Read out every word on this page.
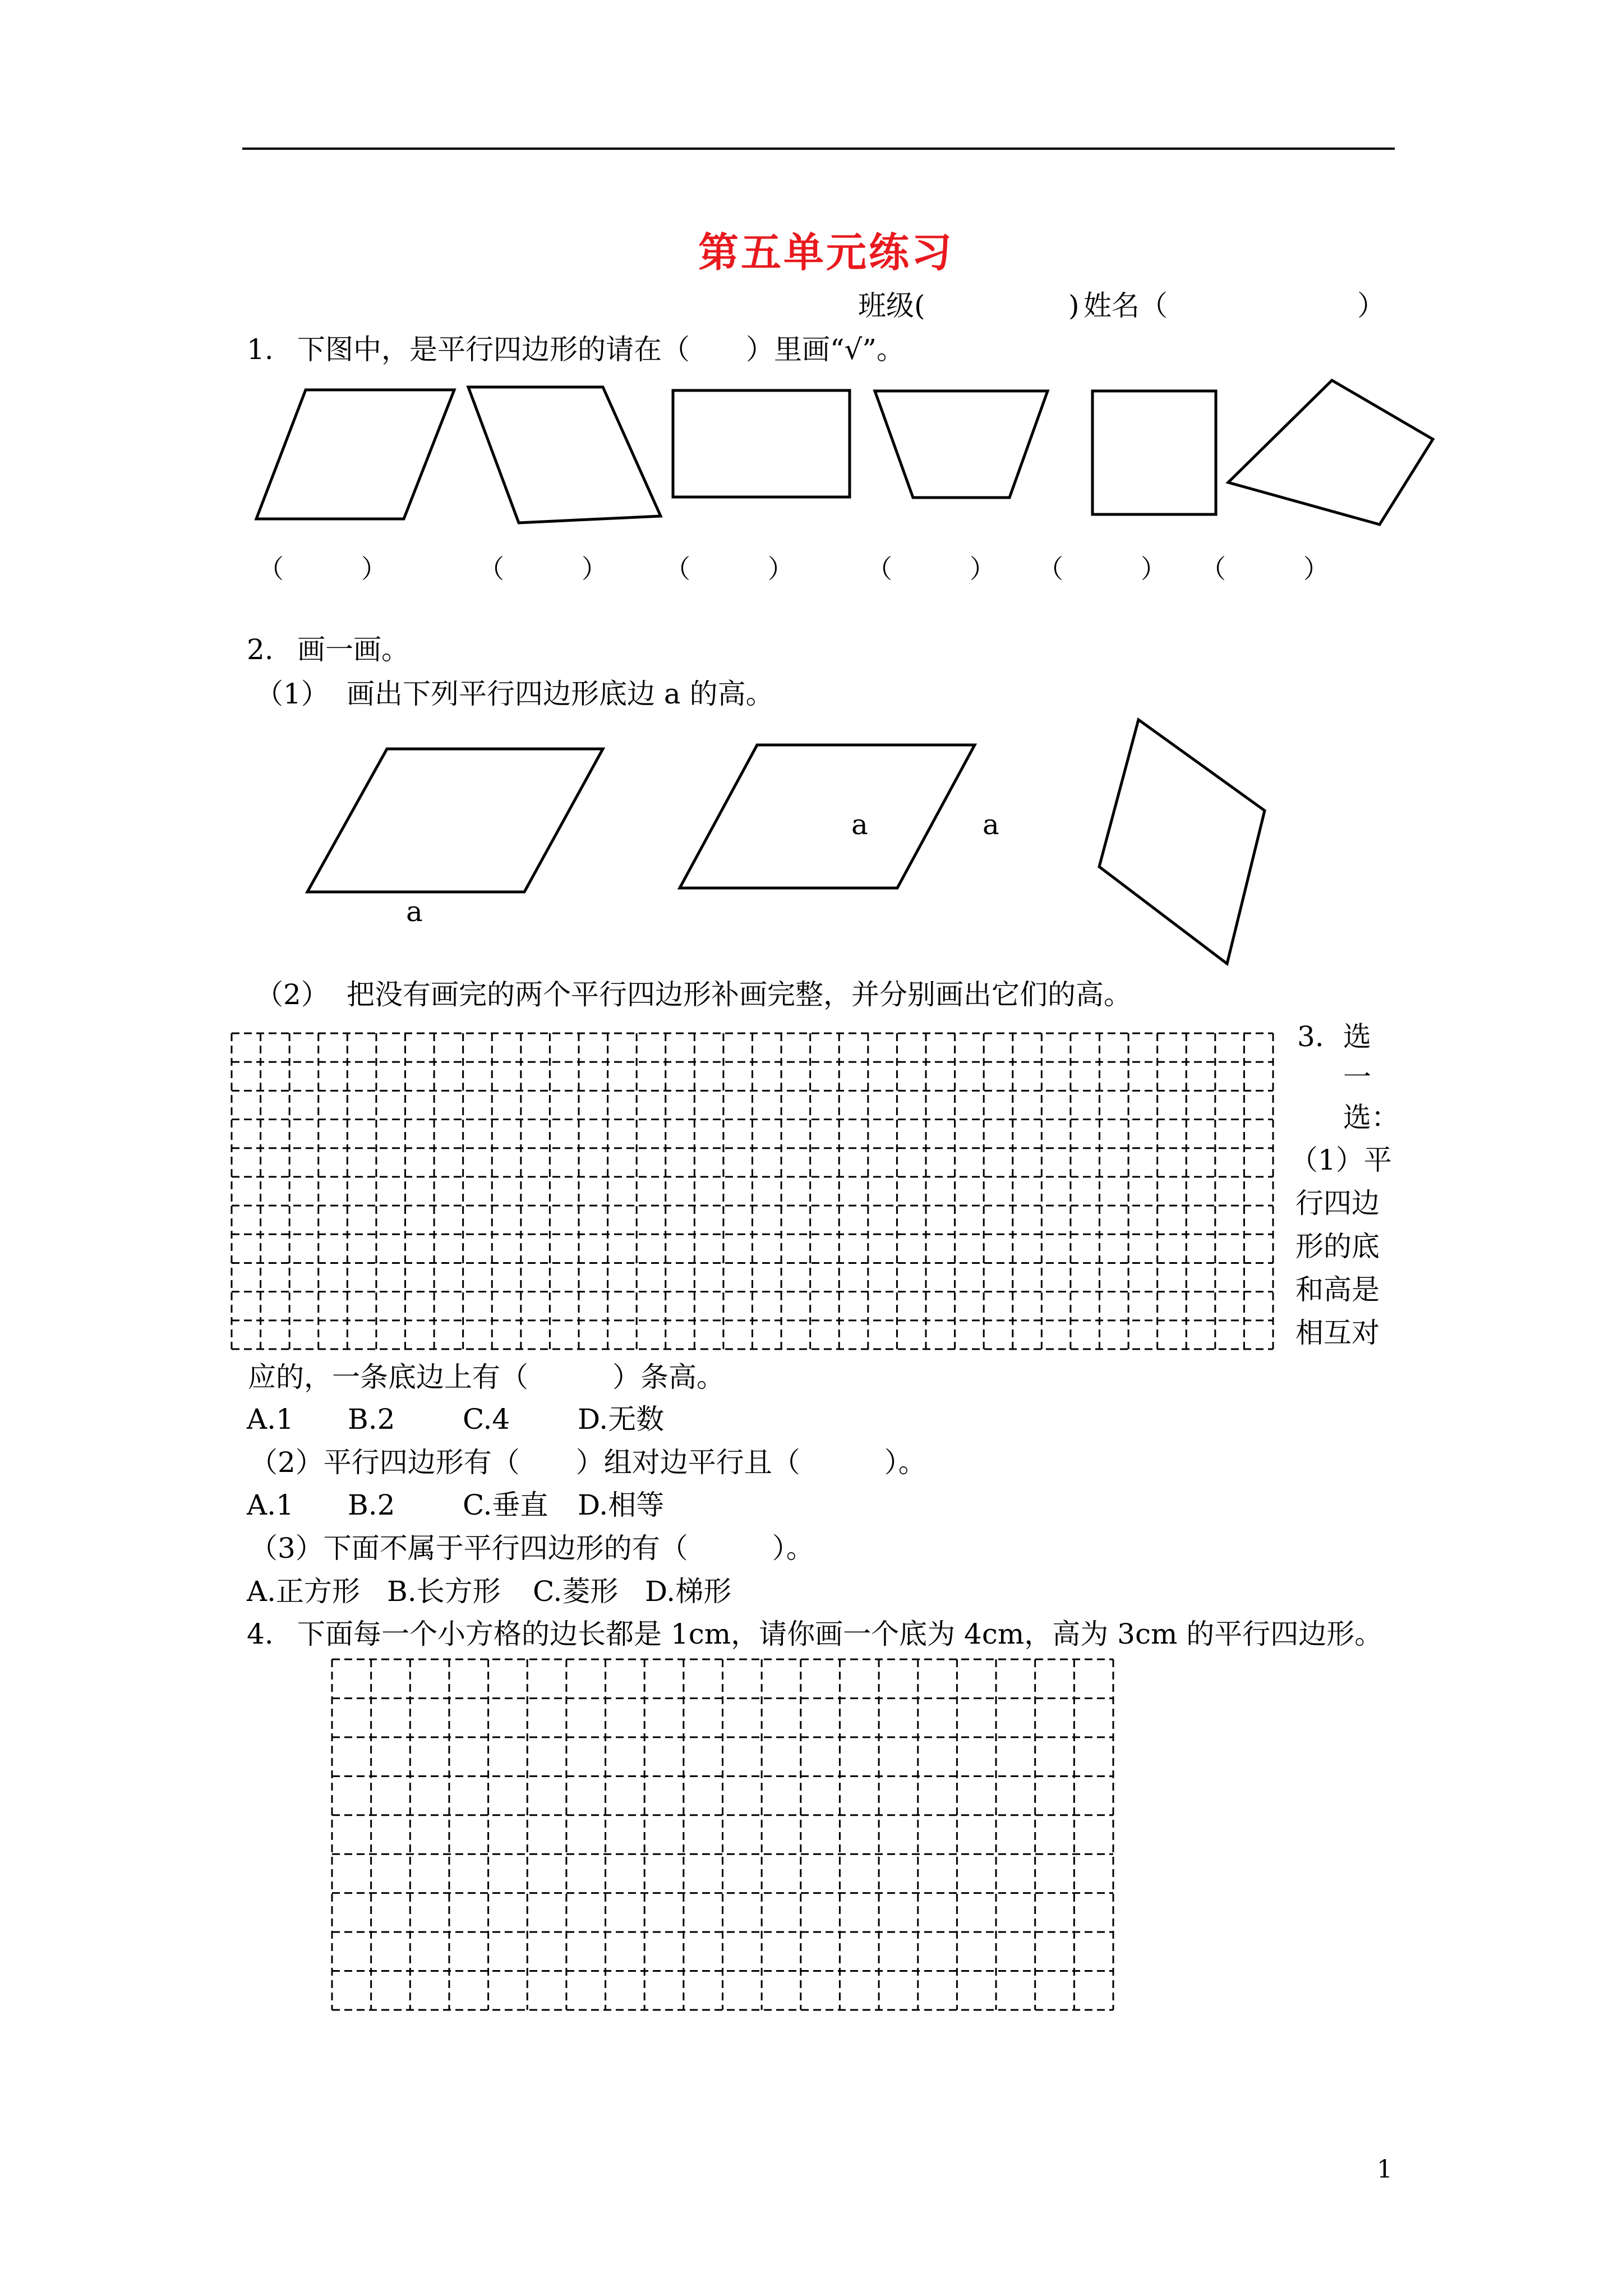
第五单元练习
班级(	) 姓名（	）
1. 下图中，是平行四边形的请在（　　）里画“√”。
（　　　）	（　　　） （　　　）	（　　　） （　　　） （　　　）
2. 画一画。
（1） 画出下列平行四边形底边 a 的高。
a
a	a
（2） 把没有画完的两个平行四边形补画完整，并分别画出它们的高。
3. 选
一
选：
（1）平
行四边
形的底
和高是
相互对
应的，一条底边上有（　　　）条高。
A.1 B.2 C.4 D.无数
（2）平行四边形有（　　）组对边平行且（　　　）。
A.1 B.2 C.垂直 D.相等
（3）下面不属于平行四边形的有（　　　）。
A.正方形 B.长方形 C.菱形 D.梯形
4. 下面每一个小方格的边长都是 1cm，请你画一个底为 4cm，高为 3cm 的平行四边形。
1
